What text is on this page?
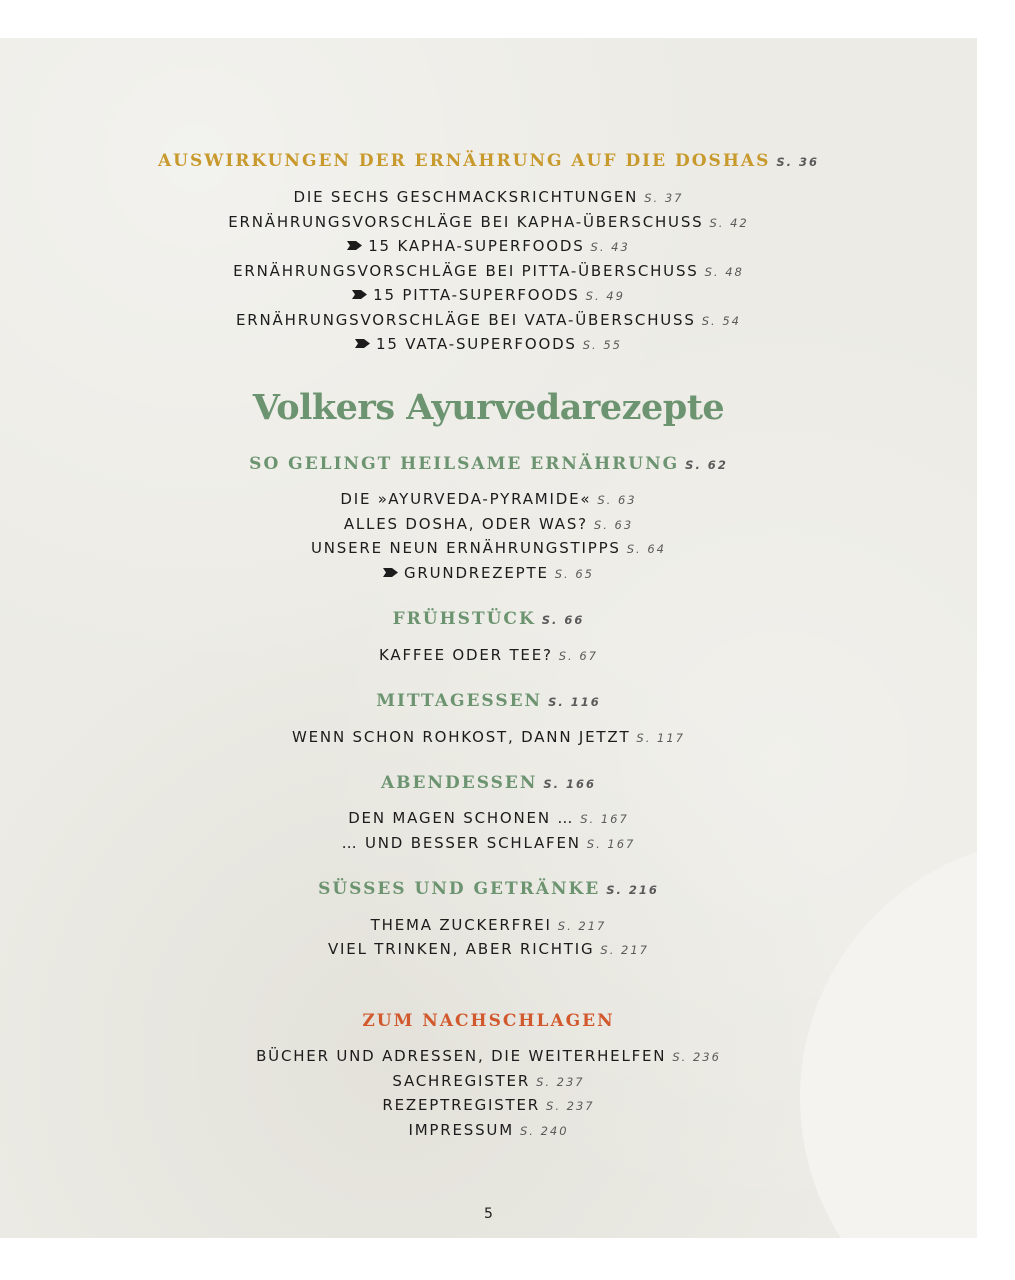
AUSWIRKUNGEN DER ERNÄHRUNG AUF DIE DOSHAS S. 36
DIE SECHS GESCHMACKSRICHTUNGEN S. 37
ERNÄHRUNGSVORSCHLÄGE BEI KAPHA-ÜBERSCHUSS S. 42
15 KAPHA-SUPERFOODS S. 43
ERNÄHRUNGSVORSCHLÄGE BEI PITTA-ÜBERSCHUSS S. 48
15 PITTA-SUPERFOODS S. 49
ERNÄHRUNGSVORSCHLÄGE BEI VATA-ÜBERSCHUSS S. 54
15 VATA-SUPERFOODS S. 55
Volkers Ayurvedarezepte
SO GELINGT HEILSAME ERNÄHRUNG S. 62
DIE »AYURVEDA-PYRAMIDE« S. 63
ALLES DOSHA, ODER WAS? S. 63
UNSERE NEUN ERNÄHRUNGSTIPPS S. 64
GRUNDREZEPTE S. 65
FRÜHSTÜCK S. 66
KAFFEE ODER TEE? S. 67
MITTAGESSEN S. 116
WENN SCHON ROHKOST, DANN JETZT S. 117
ABENDESSEN S. 166
DEN MAGEN SCHONEN … S. 167
… UND BESSER SCHLAFEN S. 167
SÜSSES UND GETRÄNKE S. 216
THEMA ZUCKERFREI S. 217
VIEL TRINKEN, ABER RICHTIG S. 217
ZUM NACHSCHLAGEN
BÜCHER UND ADRESSEN, DIE WEITERHELFEN S. 236
SACHREGISTER S. 237
REZEPTREGISTER S. 237
IMPRESSUM S. 240
5
